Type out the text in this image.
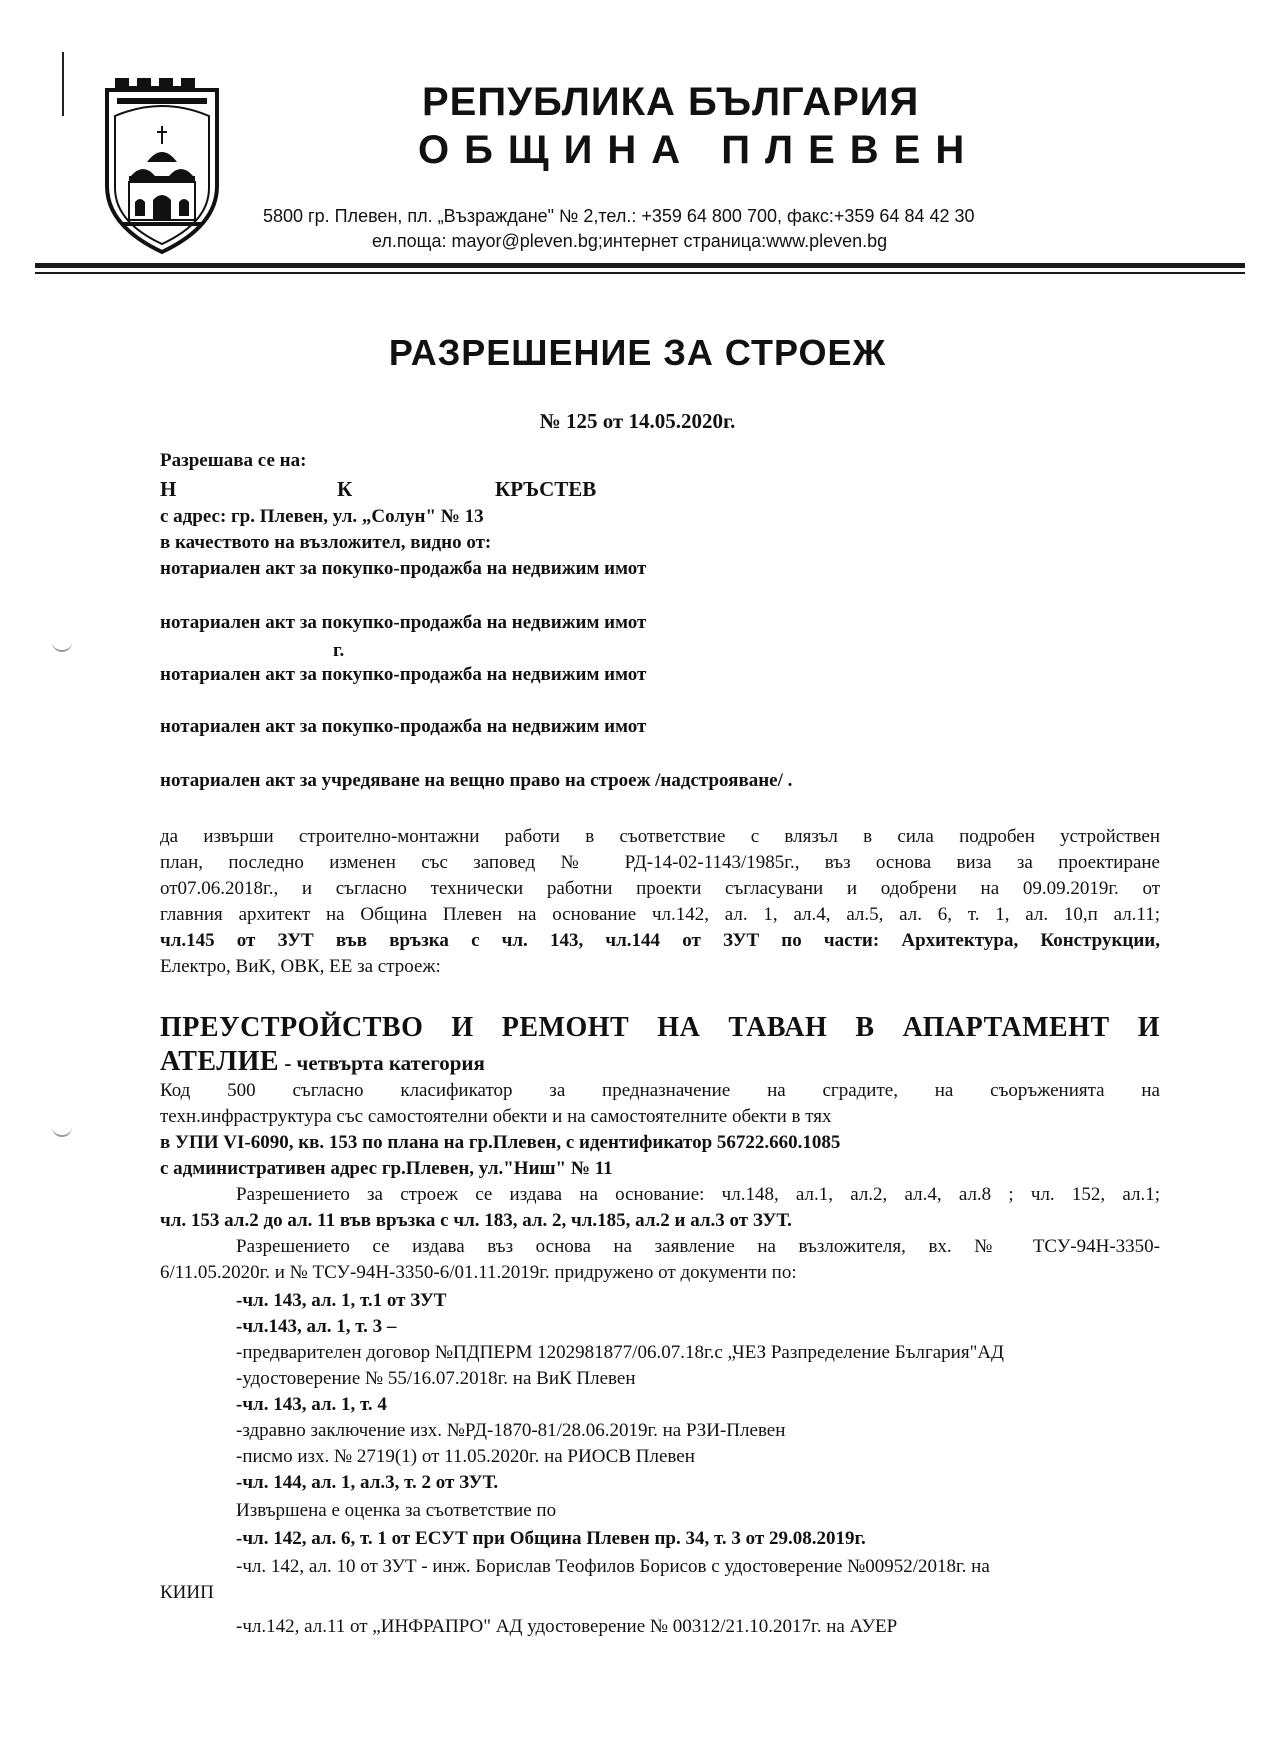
РЕПУБЛИКА БЪЛГАРИЯ
ОБЩИНА ПЛЕВЕН
5800 гр. Плевен, пл. „Възраждане" № 2,тел.: +359 64 800 700, факс:+359 64 84 42 30
ел.поща: mayor@pleven.bg;интернет страница:www.pleven.bg
РАЗРЕШЕНИЕ ЗА СТРОЕЖ
№ 125 от 14.05.2020г.
Разрешава се на:
Н	К	КРЪСТЕВ
с адрес: гр. Плевен, ул. „Солун" № 13
в качеството на възложител, видно от:
нотариален акт за покупко-продажба на недвижим имот
нотариален акт за покупко-продажба на недвижим имот
г.
нотариален акт за покупко-продажба на недвижим имот
нотариален акт за покупко-продажба на недвижим имот
нотариален акт за учредяване на вещно право на строеж /надстрояване/ .
да извърши строително-монтажни работи в съответствие с влязъл в сила подробен устройствен
план, последно изменен със заповед № РД-14-02-1143/1985г., въз основа виза за проектиране
от07.06.2018г., и съгласно технически работни проекти съгласувани и одобрени на 09.09.2019г. от
главния архитект на Община Плевен на основание чл.142, ал. 1, ал.4, ал.5, ал. 6, т. 1, ал. 10,п ал.11;
чл.145 от ЗУТ във връзка с чл. 143, чл.144 от ЗУТ по части: Архитектура, Конструкции,
Електро, ВиК, ОВК, ЕЕ за строеж:
ПРЕУСТРОЙСТВО И РЕМОНТ НА ТАВАН В АПАРТАМЕНТ И
АТЕЛИЕ - четвърта категория
Код 500 съгласно класификатор за предназначение на сградите, на съоръженията на
техн.инфраструктура със самостоятелни обекти и на самостоятелните обекти в тях
в УПИ VI-6090, кв. 153 по плана на гр.Плевен, с идентификатор 56722.660.1085
с административен адрес гр.Плевен, ул."Ниш" № 11
Разрешението за строеж се издава на основание: чл.148, ал.1, ал.2, ал.4, ал.8 ; чл. 152, ал.1;
чл. 153 ал.2 до ал. 11 във връзка с чл. 183, ал. 2, чл.185, ал.2 и ал.3 от ЗУТ.
Разрешението се издава въз основа на заявление на възложителя, вх. № ТСУ-94Н-3350-
6/11.05.2020г. и № ТСУ-94Н-3350-6/01.11.2019г. придружено от документи по:
-чл. 143, ал. 1, т.1 от ЗУТ
-чл.143, ал. 1, т. 3 –
-предварителен договор №ПДПЕРМ 1202981877/06.07.18г.с „ЧЕЗ Разпределение България"АД
-удостоверение № 55/16.07.2018г. на ВиК Плевен
-чл. 143, ал. 1, т. 4
-здравно заключение изх. №РД-1870-81/28.06.2019г. на РЗИ-Плевен
-писмо изх. № 2719(1) от 11.05.2020г. на РИОСВ Плевен
-чл. 144, ал. 1, ал.3, т. 2 от ЗУТ.
Извършена е оценка за съответствие по
-чл. 142, ал. 6, т. 1 от ЕСУТ при Община Плевен пр. 34, т. 3 от 29.08.2019г.
-чл. 142, ал. 10 от ЗУТ - инж. Борислав Теофилов Борисов с удостоверение №00952/2018г. на
КИИП
-чл.142, ал.11 от „ИНФРАПРО" АД удостоверение № 00312/21.10.2017г. на АУЕР
